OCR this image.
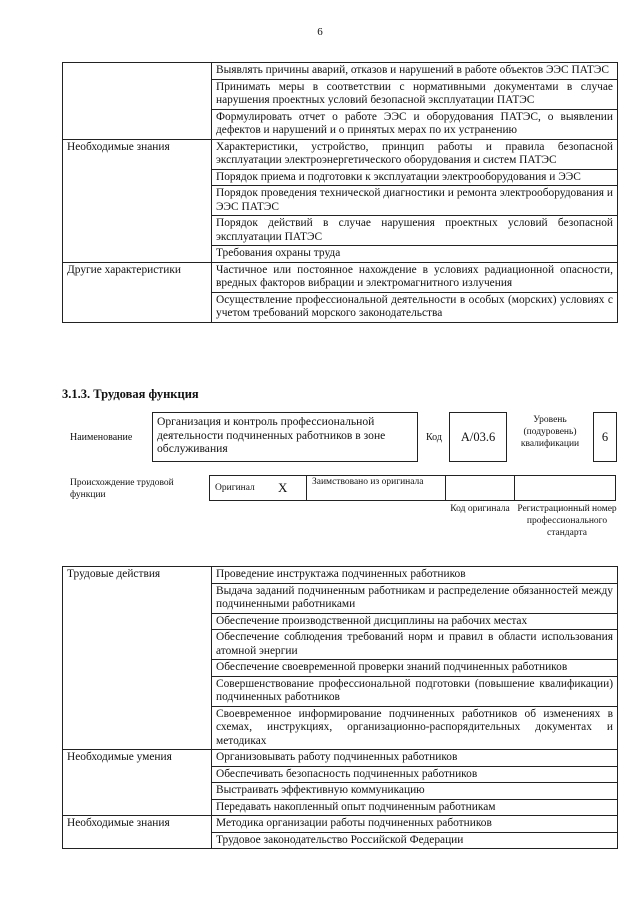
6
	Выявлять причины аварий, отказов и нарушений в работе объектов ЭЭС ПАТЭС
	Принимать меры в соответствии с нормативными документами в случае нарушения проектных условий безопасной эксплуатации ПАТЭС
	Формулировать отчет о работе ЭЭС и оборудования ПАТЭС, о выявлении дефектов и нарушений и о принятых мерах по их устранению
Необходимые знания	Характеристики, устройство, принцип работы и правила безопасной эксплуатации электроэнергетического оборудования и систем ПАТЭС
	Порядок приема и подготовки к эксплуатации электрооборудования и ЭЭС
	Порядок проведения технической диагностики и ремонта электрооборудования и ЭЭС ПАТЭС
	Порядок действий в случае нарушения проектных условий безопасной эксплуатации ПАТЭС
	Требования охраны труда
Другие характеристики	Частичное или постоянное нахождение в условиях радиационной опасности, вредных факторов вибрации и электромагнитного излучения
	Осуществление профессиональной деятельности в особых (морских) условиях с учетом требований морского законодательства
3.1.3. Трудовая функция
Наименование
Организация и контроль профессиональной деятельности подчиненных работников в зоне обслуживания
Код	A/03.6
Уровень (подуровень) квалификации	6
Происхождение трудовой функции
Оригинал X	Заимствовано из оригинала
Код оригинала Регистрационный номер профессионального стандарта
Трудовые действия	Проведение инструктажа подчиненных работников
	Выдача заданий подчиненным работникам и распределение обязанностей между подчиненными работниками
	Обеспечение производственной дисциплины на рабочих местах
	Обеспечение соблюдения требований норм и правил в области использования атомной энергии
	Обеспечение своевременной проверки знаний подчиненных работников
	Совершенствование профессиональной подготовки (повышение квалификации) подчиненных работников
	Своевременное информирование подчиненных работников об изменениях в схемах, инструкциях, организационно-распорядительных документах и методиках
Необходимые умения	Организовывать работу подчиненных работников
	Обеспечивать безопасность подчиненных работников
	Выстраивать эффективную коммуникацию
	Передавать накопленный опыт подчиненным работникам
Необходимые знания	Методика организации работы подчиненных работников
	Трудовое законодательство Российской Федерации
